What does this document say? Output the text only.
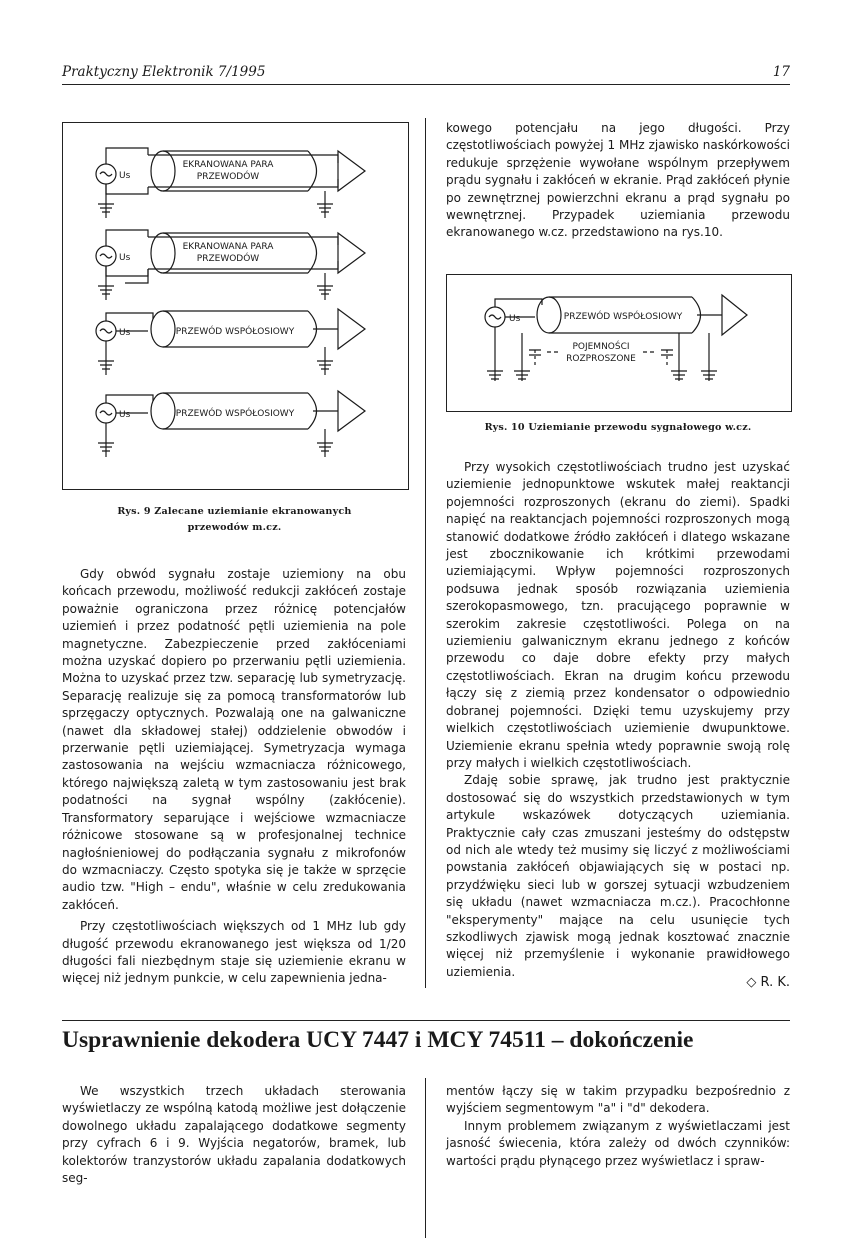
Praktyczny Elektronik 7/1995	17
Us
EKRANOWANA PARA
PRZEWODÓW
Us
EKRANOWANA PARA
PRZEWODÓW
Us	PRZEWÓD WSPÓŁOSIOWY
Us	PRZEWÓD WSPÓŁOSIOWY
Rys. 9 Zalecane uziemianie ekranowanych
przewodów m.cz.

Gdy obwód sygnału zostaje uziemiony na obu końcach przewodu, możliwość redukcji zakłóceń zostaje poważnie ograniczona przez różnicę potencjałów uziemień i przez podatność pętli uziemienia na pole magnetyczne. Zabezpieczenie przed zakłóceniami można uzyskać dopiero po przerwaniu pętli uziemienia. Można to uzyskać przez tzw. separację lub symetryzację. Separację realizuje się za pomocą transformatorów lub sprzęgaczy optycznych. Pozwalają one na galwaniczne (nawet dla składowej stałej) oddzielenie obwodów i przerwanie pętli uziemiającej. Symetryzacja wymaga zastosowania na wejściu wzmacniacza różnicowego, którego największą zaletą w tym zastosowaniu jest brak podatności na sygnał wspólny (zakłócenie). Transformatory separujące i wejściowe wzmacniacze różnicowe stosowane są w profesjonalnej technice nagłośnieniowej do podłączania sygnału z mikrofonów do wzmacniaczy. Często spotyka się je także w sprzęcie audio tzw. "High – endu", właśnie w celu zredukowania zakłóceń.

Przy częstotliwościach większych od 1 MHz lub gdy długość przewodu ekranowanego jest większa od 1/20 długości fali niezbędnym staje się uziemienie ekranu w więcej niż jednym punkcie, w celu zapewnienia jedna-

kowego potencjału na jego długości. Przy częstotliwościach powyżej 1 MHz zjawisko naskórkowości redukuje sprzężenie wywołane wspólnym przepływem prądu sygnału i zakłóceń w ekranie. Prąd zakłóceń płynie po zewnętrznej powierzchni ekranu a prąd sygnału po wewnętrznej. Przypadek uziemiania przewodu ekranowanego w.cz. przedstawiono na rys.10.

Us	PRZEWÓD WSPÓŁOSIOWY
POJEMNOŚCI
ROZPROSZONE
Rys. 10 Uziemianie przewodu sygnałowego w.cz.

Przy wysokich częstotliwościach trudno jest uzyskać uziemienie jednopunktowe wskutek małej reaktancji pojemności rozproszonych (ekranu do ziemi). Spadki napięć na reaktancjach pojemności rozproszonych mogą stanowić dodatkowe źródło zakłóceń i dlatego wskazane jest zbocznikowanie ich krótkimi przewodami uziemiającymi. Wpływ pojemności rozproszonych podsuwa jednak sposób rozwiązania uziemienia szerokopasmowego, tzn. pracującego poprawnie w szerokim zakresie częstotliwości. Polega on na uziemieniu galwanicznym ekranu jednego z końców przewodu co daje dobre efekty przy małych częstotliwościach. Ekran na drugim końcu przewodu łączy się z ziemią przez kondensator o odpowiednio dobranej pojemności. Dzięki temu uzyskujemy przy wielkich częstotliwościach uziemienie dwupunktowe. Uziemienie ekranu spełnia wtedy poprawnie swoją rolę przy małych i wielkich częstotliwościach.

Zdaję sobie sprawę, jak trudno jest praktycznie dostosować się do wszystkich przedstawionych w tym artykule wskazówek dotyczących uziemiania. Praktycznie cały czas zmuszani jesteśmy do odstępstw od nich ale wtedy też musimy się liczyć z możliwościami powstania zakłóceń objawiających się w postaci np. przydźwięku sieci lub w gorszej sytuacji wzbudzeniem się układu (nawet wzmacniacza m.cz.). Pracochłonne "eksperymenty" mające na celu usunięcie tych szkodliwych zjawisk mogą jednak kosztować znacznie więcej niż przemyślenie i wykonanie prawidłowego uziemienia.

◇ R. K.
Usprawnienie dekodera UCY 7447 i MCY 74511 – dokończenie

We wszystkich trzech układach sterowania wyświetlaczy ze wspólną katodą możliwe jest dołączenie dowolnego układu zapalającego dodatkowe segmenty przy cyfrach 6 i 9. Wyjścia negatorów, bramek, lub kolektorów tranzystorów układu zapalania dodatkowych seg-

mentów łączy się w takim przypadku bezpośrednio z wyjściem segmentowym "a" i "d" dekodera.

Innym problemem związanym z wyświetlaczami jest jasność świecenia, która zależy od dwóch czynników: wartości prądu płynącego przez wyświetlacz i spraw-
